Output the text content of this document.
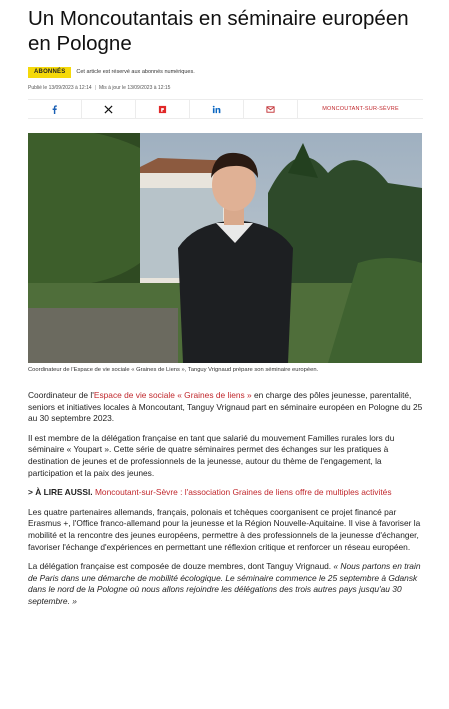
Un Moncoutantais en séminaire européen en Pologne
ABONNÉS	Cet article est réservé aux abonnés numériques.
Publié le 13/09/2023 à 12:14 | Mis à jour le 13/09/2023 à 12:15
MONCOUTANT-SUR-SÈVRE
Coordinateur de l'Espace de vie sociale « Graines de Liens », Tanguy Vrignaud prépare son séminaire européen.

Coordinateur de l'Espace de vie sociale « Graines de liens » en charge des pôles jeunesse, parentalité, seniors et initiatives locales à Moncoutant, Tanguy Vrignaud part en séminaire européen en Pologne du 25 au 30 septembre 2023.

Il est membre de la délégation française en tant que salarié du mouvement Familles rurales lors du séminaire « Youpart ». Cette série de quatre séminaires permet des échanges sur les pratiques à destination de jeunes et de professionnels de la jeunesse, autour du thème de l'engagement, la participation et la paix des jeunes.

> À LIRE AUSSI. Moncoutant-sur-Sèvre : l'association Graines de liens offre de multiples activités

Les quatre partenaires allemands, français, polonais et tchèques coorganisent ce projet financé par Erasmus +, l'Office franco-allemand pour la jeunesse et la Région Nouvelle-Aquitaine. Il vise à favoriser la mobilité et la rencontre des jeunes européens, permettre à des professionnels de la jeunesse d'échanger, favoriser l'échange d'expériences en permettant une réflexion critique et renforcer un réseau européen.

La délégation française est composée de douze membres, dont Tanguy Vrignaud. « Nous partons en train de Paris dans une démarche de mobilité écologique. Le séminaire commence le 25 septembre à Gdansk dans le nord de la Pologne où nous allons rejoindre les délégations des trois autres pays jusqu'au 30 septembre. »
